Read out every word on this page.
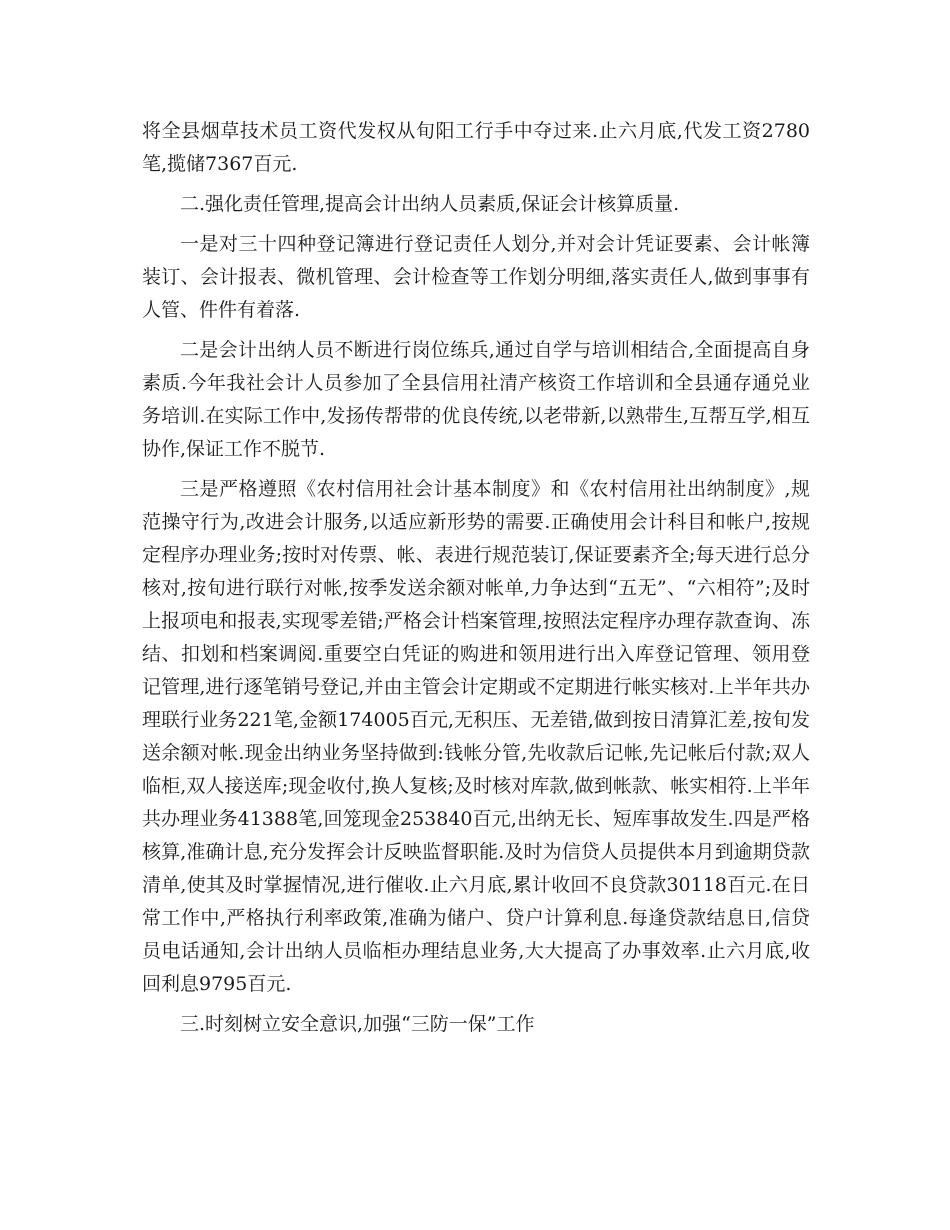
将全县烟草技术员工资代发权从旬阳工行手中夺过来.止六月底,代发工资2780笔,揽储7367百元.

二.强化责任管理,提高会计出纳人员素质,保证会计核算质量.

一是对三十四种登记簿进行登记责任人划分,并对会计凭证要素、会计帐簿装订、会计报表、微机管理、会计检查等工作划分明细,落实责任人,做到事事有人管、件件有着落.

二是会计出纳人员不断进行岗位练兵,通过自学与培训相结合,全面提高自身素质.今年我社会计人员参加了全县信用社清产核资工作培训和全县通存通兑业务培训.在实际工作中,发扬传帮带的优良传统,以老带新,以熟带生,互帮互学,相互协作,保证工作不脱节.

三是严格遵照《农村信用社会计基本制度》和《农村信用社出纳制度》,规范操守行为,改进会计服务,以适应新形势的需要.正确使用会计科目和帐户,按规定程序办理业务;按时对传票、帐、表进行规范装订,保证要素齐全;每天进行总分核对,按旬进行联行对帐,按季发送余额对帐单,力争达到“五无”、“六相符”;及时上报项电和报表,实现零差错;严格会计档案管理,按照法定程序办理存款查询、冻结、扣划和档案调阅.重要空白凭证的购进和领用进行出入库登记管理、领用登记管理,进行逐笔销号登记,并由主管会计定期或不定期进行帐实核对.上半年共办理联行业务221笔,金额174005百元,无积压、无差错,做到按日清算汇差,按旬发送余额对帐.现金出纳业务坚持做到:钱帐分管,先收款后记帐,先记帐后付款;双人临柜,双人接送库;现金收付,换人复核;及时核对库款,做到帐款、帐实相符.上半年共办理业务41388笔,回笼现金253840百元,出纳无长、短库事故发生.四是严格核算,准确计息,充分发挥会计反映监督职能.及时为信贷人员提供本月到逾期贷款清单,使其及时掌握情况,进行催收.止六月底,累计收回不良贷款30118百元.在日常工作中,严格执行利率政策,准确为储户、贷户计算利息.每逢贷款结息日,信贷员电话通知,会计出纳人员临柜办理结息业务,大大提高了办事效率.止六月底,收回利息9795百元.

三.时刻树立安全意识,加强“三防一保”工作
